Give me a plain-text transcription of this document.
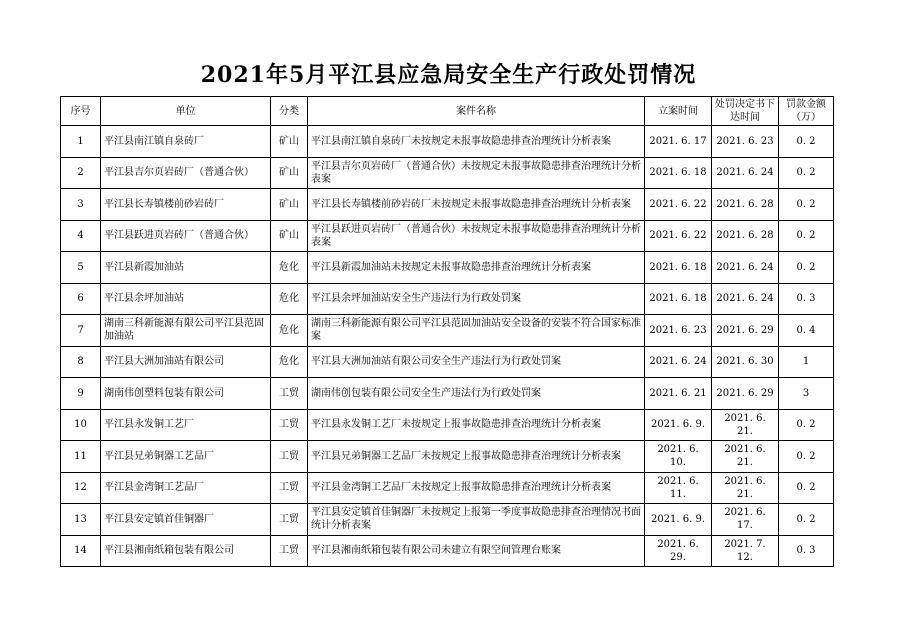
2021年5月平江县应急局安全生产行政处罚情况
序号	单位	分类	案件名称	立案时间	处罚决定书下达时间	罚款金额（万）
1	平江县南江镇自泉砖厂	矿山	平江县南江镇自泉砖厂未按规定未报事故隐患排查治理统计分析表案	2021. 6. 17	2021. 6. 23	0. 2
2	平江县吉尔页岩砖厂（普通合伙）	矿山	平江县吉尔页岩砖厂（普通合伙）未按规定未报事故隐患排查治理统计分析表案	2021. 6. 18	2021. 6. 24	0. 2
3	平江县长寿镇楼前砂岩砖厂	矿山	平江县长寿镇楼前砂岩砖厂未按规定未报事故隐患排查治理统计分析表案	2021. 6. 22	2021. 6. 28	0. 2
4	平江县跃进页岩砖厂（普通合伙）	矿山	平江县跃进页岩砖厂（普通合伙）未按规定未报事故隐患排查治理统计分析表案	2021. 6. 22	2021. 6. 28	0. 2
5	平江县新霞加油站	危化	平江县新霞加油站未按规定未报事故隐患排查治理统计分析表案	2021. 6. 18	2021. 6. 24	0. 2
6	平江县余坪加油站	危化	平江县余坪加油站安全生产违法行为行政处罚案	2021. 6. 18	2021. 6. 24	0. 3
7	湖南三科新能源有限公司平江县范固加油站	危化	湖南三科新能源有限公司平江县范固加油站安全设备的安装不符合国家标准案	2021. 6. 23	2021. 6. 29	0. 4
8	平江县大洲加油站有限公司	危化	平江县大洲加油站有限公司安全生产违法行为行政处罚案	2021. 6. 24	2021. 6. 30	1
9	湖南伟创塑料包装有限公司	工贸	湖南伟创包装有限公司安全生产违法行为行政处罚案	2021. 6. 21	2021. 6. 29	3
10	平江县永发铜工艺厂	工贸	平江县永发铜工艺厂未按规定上报事故隐患排查治理统计分析表案	2021. 6. 9.	2021. 6. 21.	0. 2
11	平江县兄弟铜器工艺品厂	工贸	平江县兄弟铜器工艺品厂未按规定上报事故隐患排查治理统计分析表案	2021. 6. 10.	2021. 6. 21.	0. 2
12	平江县金湾铜工艺品厂	工贸	平江县金湾铜工艺品厂未按规定上报事故隐患排查治理统计分析表案	2021. 6. 11.	2021. 6. 21.	0. 2
13	平江县安定镇首佳铜器厂	工贸	平江县安定镇首佳铜器厂未按规定上报第一季度事故隐患排查治理情况书面统计分析表案	2021. 6. 9.	2021. 6. 17.	0. 2
14	平江县湘南纸箱包装有限公司	工贸	平江县湘南纸箱包装有限公司未建立有限空间管理台账案	2021. 6. 29.	2021. 7. 12.	0. 3
